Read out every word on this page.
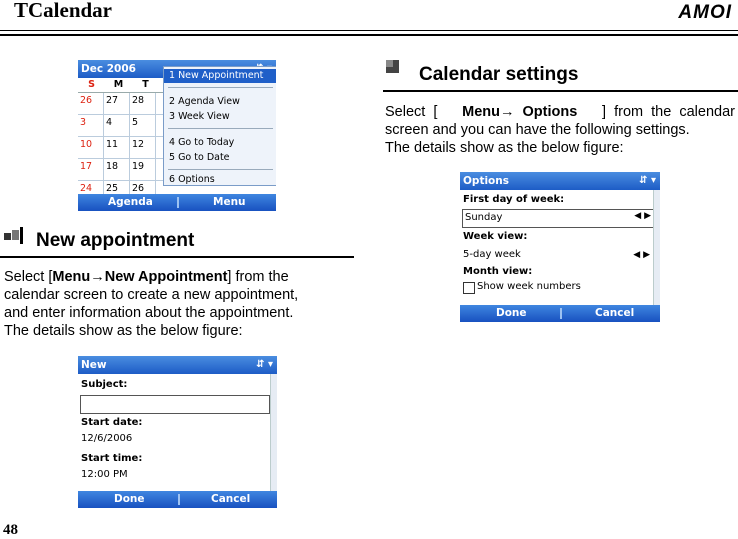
TCalendar	AMOI
Dec 2006
S	M	T
26	27	28
3	4	5
10	11	12
17	18	19
24	25	26
1 New Appointment
2 Agenda View
3 Week View
4 Go to Today
5 Go to Date
6 Options
Agenda	Menu
New appointment
Select [Menu→New Appointment] from the
calendar screen to create a new appointment,
and enter information about the appointment.
The details show as the below figure:
New	⇵ ▾
Subject:
Start date:
12/6/2006
Start time:
12:00 PM
Done	Cancel
Calendar settings
Select  [ Menu→  Options ]  from  the  calendar
screen and you can have the following settings.
The details show as the below figure:
Options	⇵ ▾
First day of week:
Sunday	◀ ▶
Week view:
5-day week	◀ ▶
Month view:
Show week numbers
Done	Cancel
48
